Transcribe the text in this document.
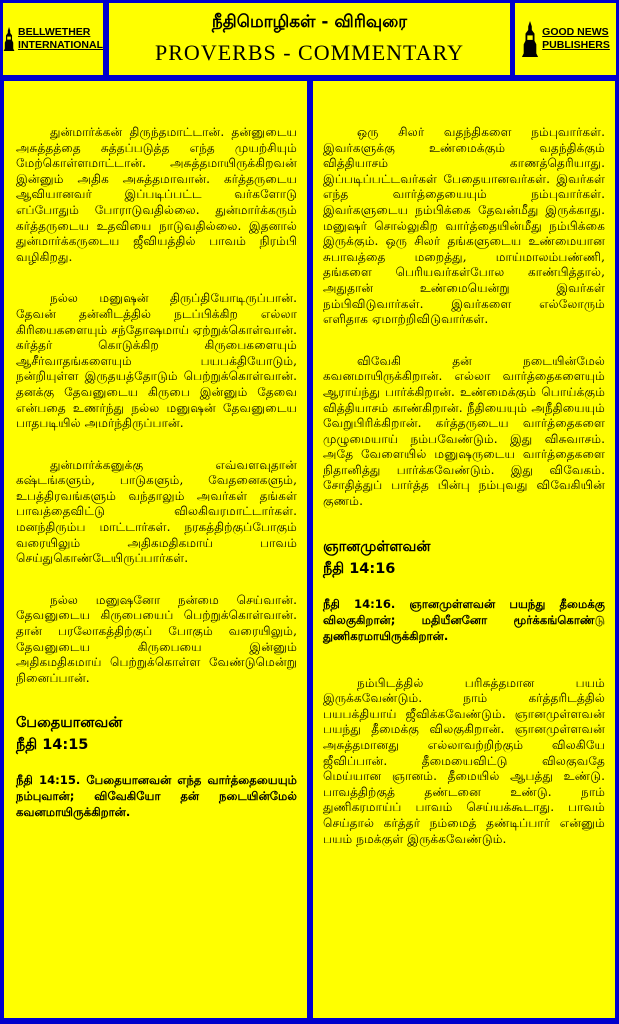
BELLWETHER
INTERNATIONAL
நீதிமொழிகள் - விரிவுரை
PROVERBS - COMMENTARY
GOOD NEWS
PUBLISHERS

துன்மார்க்கன் திருந்தமாட்டான். தன்னுடைய அசுத்தத்தை சுத்தப்படுத்த எந்த முயற்சியும் மேற்கொள்ளமாட்டான். அசுத்தமாயிருக்கிறவன் இன்னும் அதிக அசுத்தமாவான். கர்த்தருடைய ஆவியானவர் இப்படிப்பட்ட வர்களோடு எப்போதும் போராடுவதில்லை. துன்மார்க்கரும் கர்த்தருடைய உதவியை நாடுவதில்லை. இதனால் துன்மார்க்கருடைய ஜீவியத்தில் பாவம் நிரம்பி வழிகிறது.

நல்ல மனுஷன் திருப்தியோடிருப்பான். தேவன் தன்னிடத்தில் நடப்பிக்கிற எல்லா கிரியைகளையும் சந்தோஷமாய் ஏற்றுக்கொள்வான். கர்த்தர் கொடுக்கிற கிருபைகளையும் ஆசீர்வாதங்களையும் பயபக்தியோடும், நன்றியுள்ள இருதயத்தோடும் பெற்றுக்கொள்வான். தனக்கு தேவனுடைய கிருபை இன்னும் தேவை என்பதை உணர்ந்து நல்ல மனுஷன் தேவனுடைய பாதபடியில் அமர்ந்திருப்பான்.

துன்மார்க்கனுக்கு எவ்வளவுதான் கஷ்டங்களும், பாடுகளும், வேதனைகளும், உபத்திரவங்களும் வந்தாலும் அவர்கள் தங்கள் பாவத்தைவிட்டு விலகிவரமாட்டார்கள். மனந்திரும்ப மாட்டார்கள். நரகத்திற்குப்போகும் வரையிலும் அதிகமதிகமாய் பாவம் செய்துகொண்டேயிருப்பார்கள்.

நல்ல மனுஷனோ நன்மை செய்வான். தேவனுடைய கிருபையைப் பெற்றுக்கொள்வான். தான் பரலோகத்திற்குப் போகும் வரையிலும், தேவனுடைய கிருபையை இன்னும் அதிகமதிகமாய் பெற்றுக்கொள்ள வேண்டுமென்று நினைப்பான்.

பேதையானவன்
நீதி 14:15

நீதி 14:15. பேதையானவன் எந்த வார்த்தையையும் நம்புவான்; விவேகியோ தன் நடையின்மேல் கவனமாயிருக்கிறான்.

ஒரு சிலர் வதந்திகளை நம்புவார்கள். இவர்களுக்கு உண்மைக்கும் வதந்திக்கும் வித்தியாசம் காணத்தெரியாது. இப்படிப்பட்டவர்கள் பேதையானவர்கள். இவர்கள் எந்த வார்த்தையையும் நம்புவார்கள். இவர்களுடைய நம்பிக்கை தேவன்மீது இருக்காது. மனுஷர் சொல்லுகிற வார்த்தையின்மீது நம்பிக்கை இருக்கும். ஒரு சிலர் தங்களுடைய உண்மையான சுபாவத்தை மறைத்து, மாய்மாலம்பண்ணி, தங்களை பெரியவர்கள்போல காண்பித்தால், அதுதான் உண்மையென்று இவர்கள் நம்பிவிடுவார்கள். இவர்களை எல்லோரும் எளிதாக ஏமாற்றிவிடுவார்கள்.

விவேகி தன் நடையின்மேல் கவனமாயிருக்கிறான். எல்லா வார்த்தைகளையும் ஆராய்ந்து பார்க்கிறான். உண்மைக்கும் பொய்க்கும் வித்தியாசம் காண்கிறான். நீதியையும் அநீதியையும் வேறுபிரிக்கிறான். கர்த்தருடைய வார்த்தைகளை முழுமையாய் நம்பவேண்டும். இது விசுவாசம். அதே வேளையில் மனுஷருடைய வார்த்தைகளை நிதானித்து பார்க்கவேண்டும். இது விவேகம். சோதித்துப் பார்த்த பின்பு நம்புவது விவேகியின் குணம்.

ஞானமுள்ளவன்
நீதி 14:16

நீதி 14:16. ஞானமுள்ளவன் பயந்து தீமைக்கு விலகுகிறான்; மதியீனனோ மூர்க்கங்கொண்டு துணிகரமாயிருக்கிறான்.

நம்பிடத்தில் பரிசுத்தமான பயம் இருக்கவேண்டும். நாம் கர்த்தரிடத்தில் பயபக்தியாய் ஜீவிக்கவேண்டும். ஞானமுள்ளவன் பயந்து தீமைக்கு விலகுகிறான். ஞானமுள்ளவன் அசுத்தமானது எல்லாவற்றிற்கும் விலகியே ஜீவிப்பான். தீமையைவிட்டு விலகுவதே மெய்யான ஞானம். தீமையில் ஆபத்து உண்டு. பாவத்திற்குத் தண்டனை உண்டு. நாம் துணிகரமாய்ப் பாவம் செய்யக்கூடாது. பாவம் செய்தால் கர்த்தர் நம்மைத் தண்டிப்பார் என்னும் பயம் நமக்குள் இருக்கவேண்டும்.
